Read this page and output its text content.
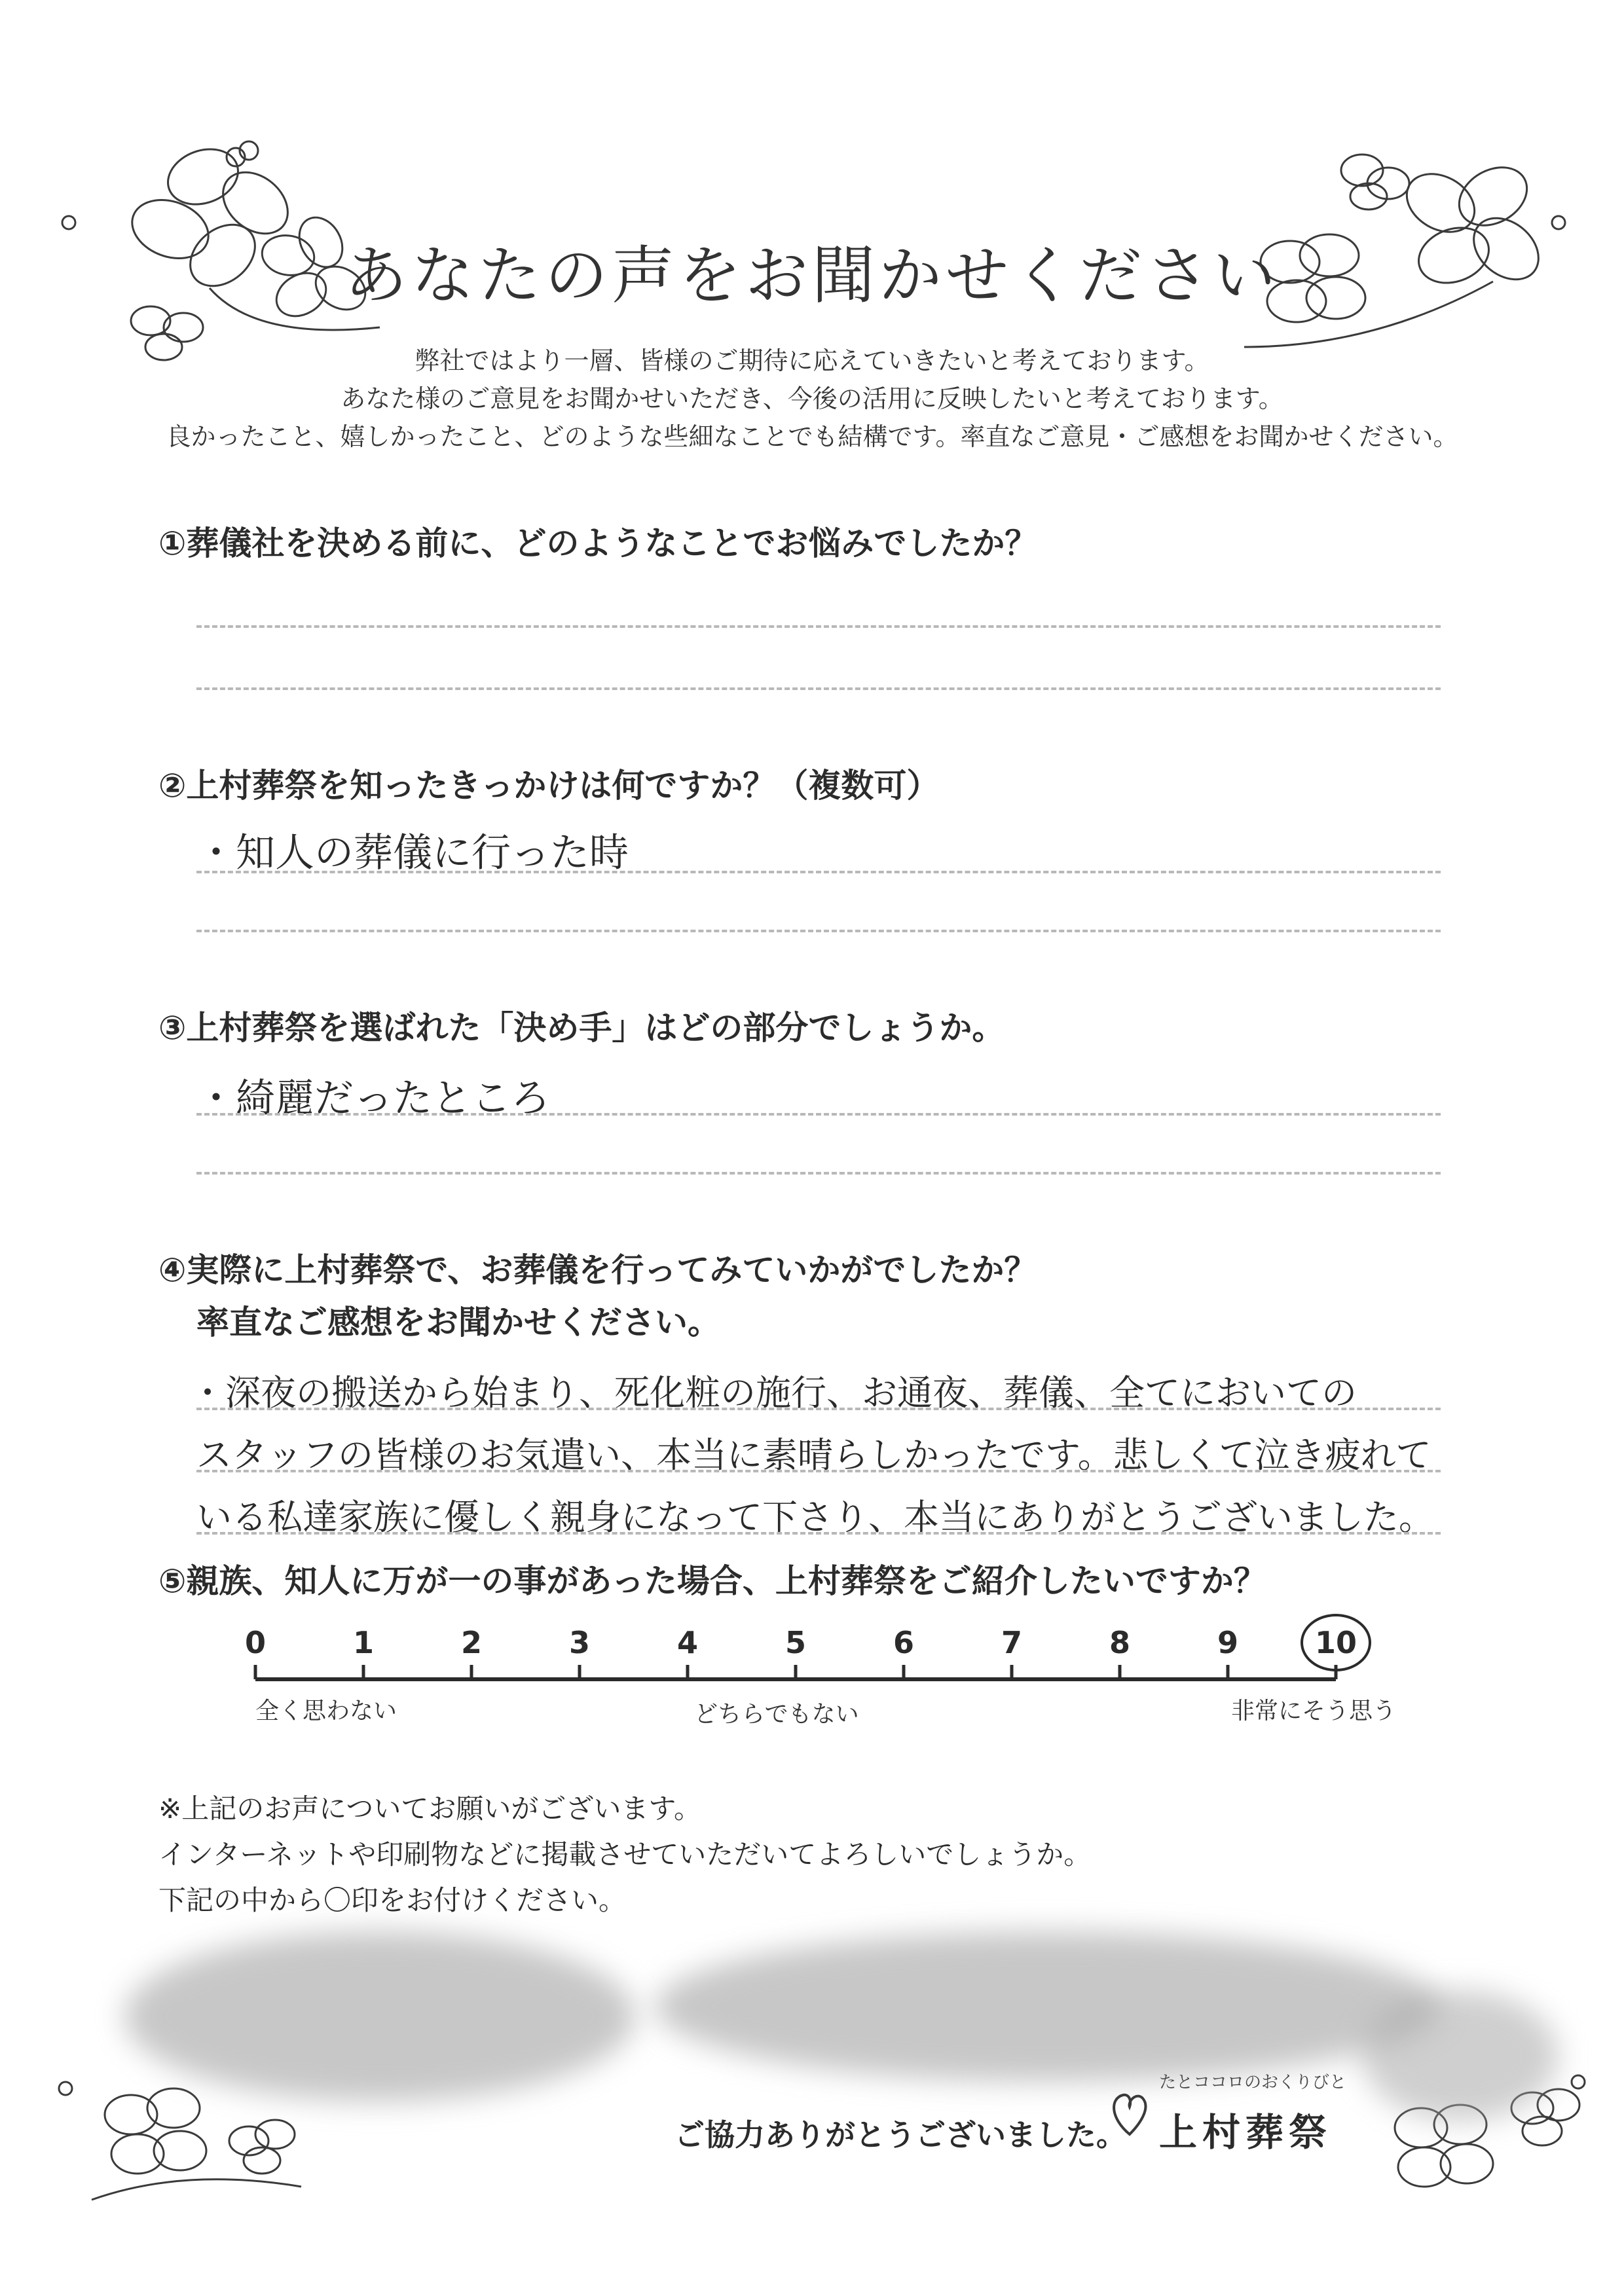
あなたの声をお聞かせください
弊社ではより一層、皆様のご期待に応えていきたいと考えております。
あなた様のご意見をお聞かせいただき、今後の活用に反映したいと考えております。
良かったこと、嬉しかったこと、どのような些細なことでも結構です。率直なご意見・ご感想をお聞かせください。
①葬儀社を決める前に、どのようなことでお悩みでしたか？
②上村葬祭を知ったきっかけは何ですか？（複数可）
・知人の葬儀に行った時
③上村葬祭を選ばれた「決め手」はどの部分でしょうか。
・綺麗だったところ
④実際に上村葬祭で、お葬儀を行ってみていかがでしたか？
率直なご感想をお聞かせください。
・深夜の搬送から始まり、死化粧の施行、お通夜、葬儀、全てにおいての
スタッフの皆様のお気遣い、本当に素晴らしかったです。悲しくて泣き疲れて
いる私達家族に優しく親身になって下さり、本当にありがとうございました。
⑤親族、知人に万が一の事があった場合、上村葬祭をご紹介したいですか？
0	1	2	3	4	5	6	7	8	9	10
全く思わない	どちらでもない	非常にそう思う
※上記のお声についてお願いがございます。
インターネットや印刷物などに掲載させていただいてよろしいでしょうか。
下記の中から〇印をお付けください。
ご協力ありがとうございました。
たとココロのおくりびと
上村葬祭
